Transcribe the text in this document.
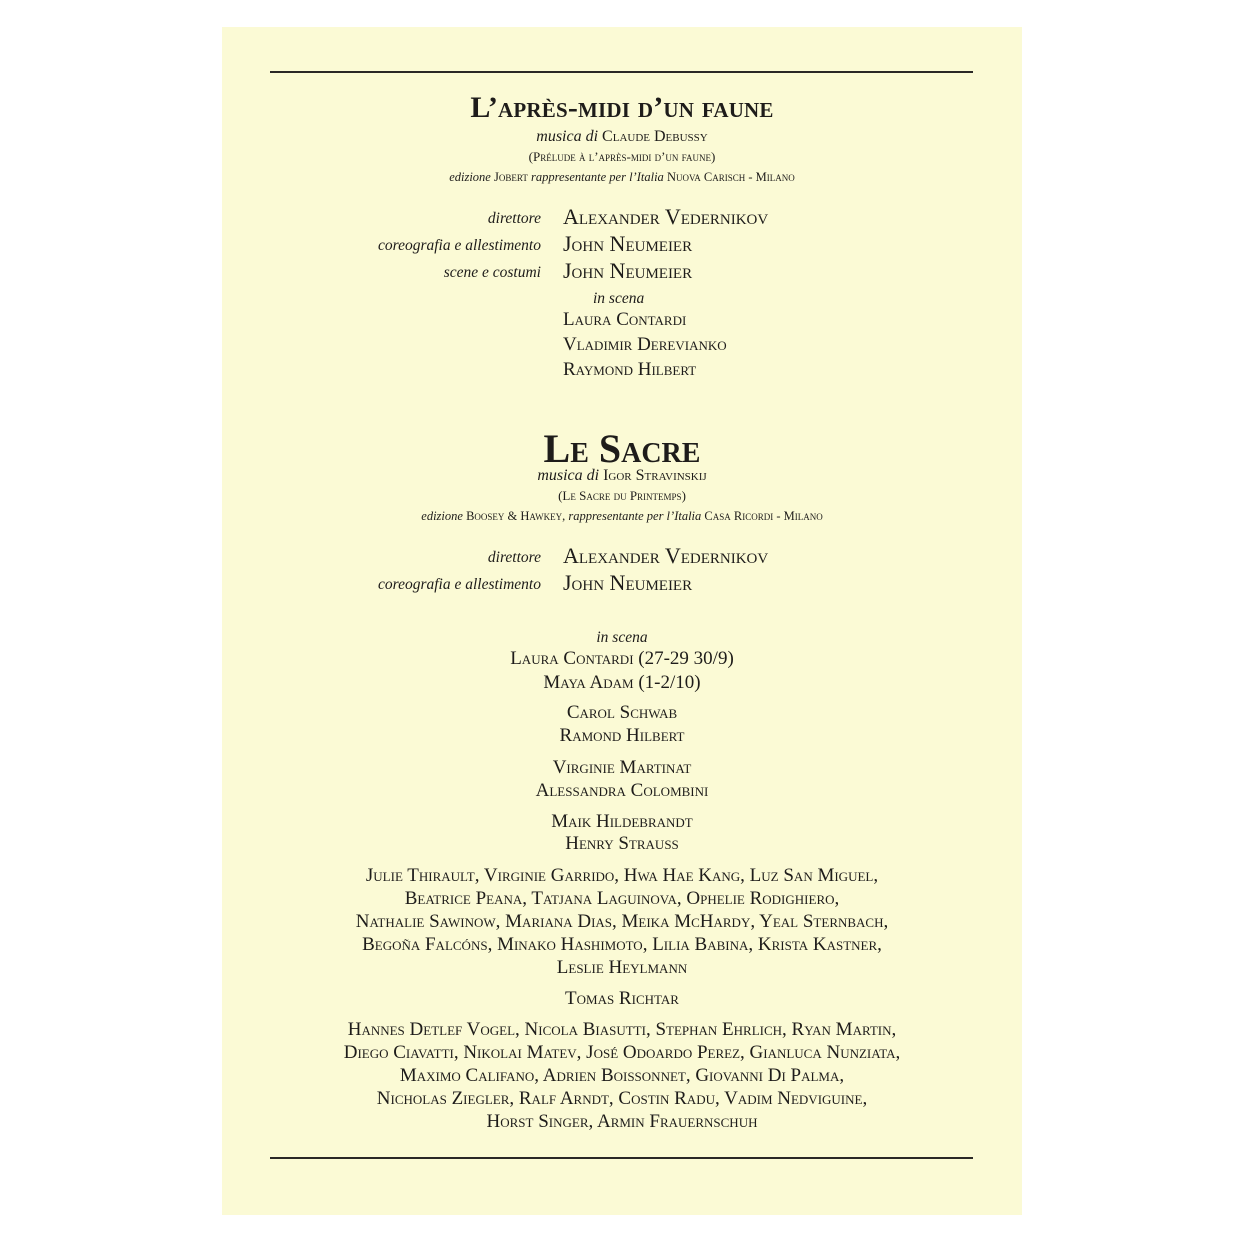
L’après-midi d’un faune
musica di Claude Debussy
(Prélude à l’après-midi d’un faune)
edizione Jobert rappresentante per l’Italia Nuova Carisch - Milano
direttore Alexander Vedernikov
coreografia e allestimento John Neumeier
scene e costumi John Neumeier
in scena
Laura Contardi
Vladimir Derevianko
Raymond Hilbert
Le Sacre
musica di Igor Stravinskij
(Le Sacre du Printemps)
edizione Boosey & Hawkey, rappresentante per l’Italia Casa Ricordi - Milano
direttore Alexander Vedernikov
coreografia e allestimento John Neumeier
in scena
Laura Contardi (27-29 30/9)
Maya Adam (1-2/10)
Carol Schwab
Ramond Hilbert
Virginie Martinat
Alessandra Colombini
Maik Hildebrandt
Henry Strauß
Julie Thirault, Virginie Garrido, Hwa Hae Kang, Luz San Miguel,
Beatrice Peana, Tatjana Laguinova, Ophelie Rodighiero,
Nathalie Sawinow, Mariana Dias, Meika McHardy, Yeal Sternbach,
Begoña Falcóns, Minako Hashimoto, Lilia Babina, Krista Kastner,
Leslie Heylmann
Tomas Richtar
Hannes Detlef Vogel, Nicola Biasutti, Stephan Ehrlich, Ryan Martin,
Diego Ciavatti, Nikolai Matev, José Odoardo Perez, Gianluca Nunziata,
Maximo Califano, Adrien Boissonnet, Giovanni Di Palma,
Nicholas Ziegler, Ralf Arndt, Costin Radu, Vadim Nedviguine,
Horst Singer, Armin Frauernschuh
